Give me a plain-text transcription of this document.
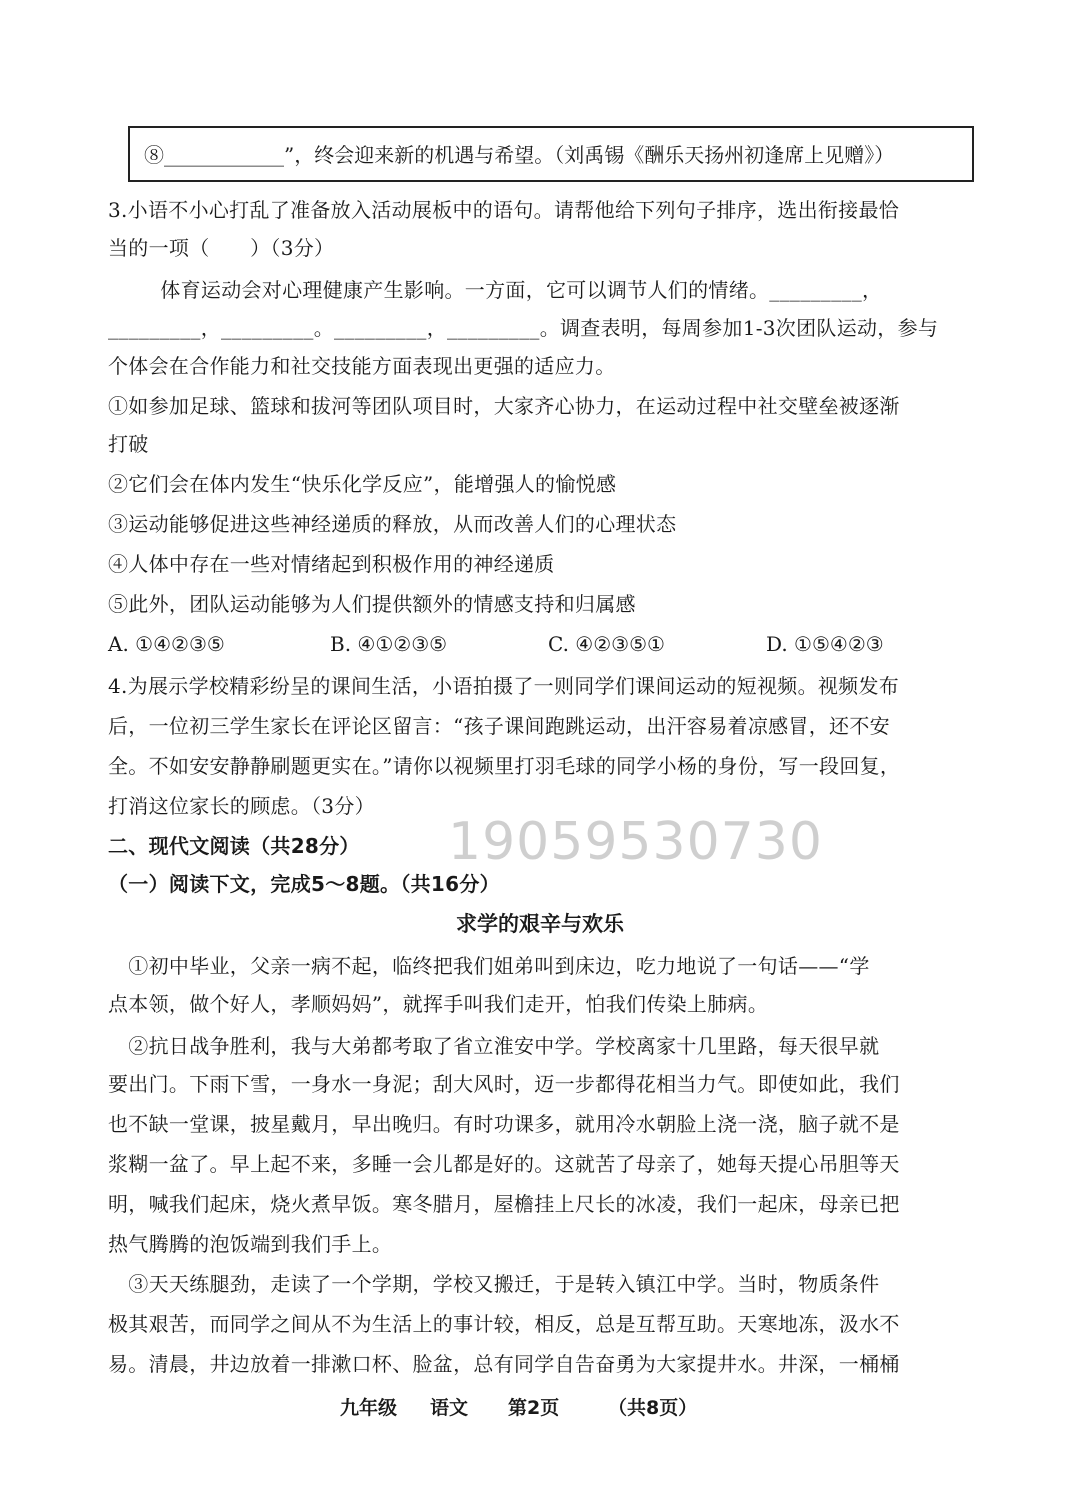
⑧____________”，终会迎来新的机遇与希望。（刘禹锡《酬乐天扬州初逢席上见赠》）
3.小语不小心打乱了准备放入活动展板中的语句。请帮他给下列句子排序，选出衔接最恰
当的一项（　　）（3分）
　体育运动会对心理健康产生影响。一方面，它可以调节人们的情绪。_________，
_________，_________。_________，_________。调查表明，每周参加1-3次团队运动，参与
个体会在合作能力和社交技能方面表现出更强的适应力。
①如参加足球、篮球和拔河等团队项目时，大家齐心协力，在运动过程中社交壁垒被逐渐
打破
②它们会在体内发生“快乐化学反应”，能增强人的愉悦感
③运动能够促进这些神经递质的释放，从而改善人们的心理状态
④人体中存在一些对情绪起到积极作用的神经递质
⑤此外，团队运动能够为人们提供额外的情感支持和归属感
A. ①④②③⑤	B. ④①②③⑤	C. ④②③⑤①	D. ①⑤④②③
4.为展示学校精彩纷呈的课间生活，小语拍摄了一则同学们课间运动的短视频。视频发布
后，一位初三学生家长在评论区留言：“孩子课间跑跳运动，出汗容易着凉感冒，还不安
全。不如安安静静刷题更实在。”请你以视频里打羽毛球的同学小杨的身份，写一段回复，
打消这位家长的顾虑。（3分）
19059530730
二、现代文阅读（共28分）
（一）阅读下文，完成5～8题。（共16分）
求学的艰辛与欢乐
　①初中毕业，父亲一病不起，临终把我们姐弟叫到床边，吃力地说了一句话——“学
点本领，做个好人，孝顺妈妈”，就挥手叫我们走开，怕我们传染上肺病。
　②抗日战争胜利，我与大弟都考取了省立淮安中学。学校离家十几里路，每天很早就
要出门。下雨下雪，一身水一身泥；刮大风时，迈一步都得花相当力气。即使如此，我们
也不缺一堂课，披星戴月，早出晚归。有时功课多，就用冷水朝脸上浇一浇，脑子就不是
浆糊一盆了。早上起不来，多睡一会儿都是好的。这就苦了母亲了，她每天提心吊胆等天
明，喊我们起床，烧火煮早饭。寒冬腊月，屋檐挂上尺长的冰凌，我们一起床，母亲已把
热气腾腾的泡饭端到我们手上。
　③天天练腿劲，走读了一个学期，学校又搬迁，于是转入镇江中学。当时，物质条件
极其艰苦，而同学之间从不为生活上的事计较，相反，总是互帮互助。天寒地冻，汲水不
易。清晨，井边放着一排漱口杯、脸盆，总有同学自告奋勇为大家提井水。井深，一桶桶
九年级 语文 第2页	（共8页）
